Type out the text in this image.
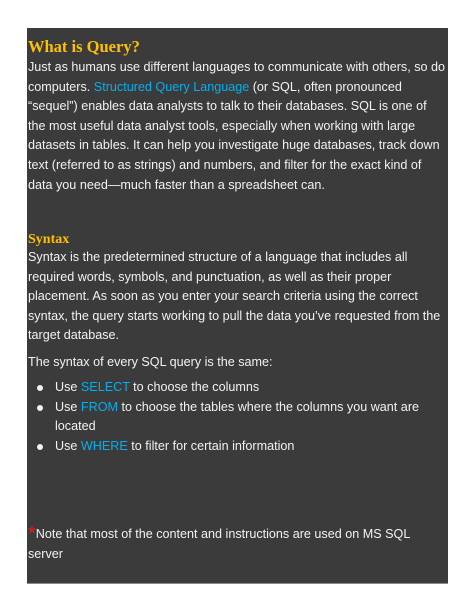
What is Query?

Just as humans use different languages to communicate with others, so do computers. Structured Query Language (or SQL, often pronounced “sequel”) enables data analysts to talk to their databases. SQL is one of the most useful data analyst tools, especially when working with large datasets in tables. It can help you investigate huge databases, track down text (referred to as strings) and numbers, and filter for the exact kind of data you need—much faster than a spreadsheet can.

Syntax

Syntax is the predetermined structure of a language that includes all required words, symbols, and punctuation, as well as their proper placement. As soon as you enter your search criteria using the correct syntax, the query starts working to pull the data you’ve requested from the target database.

The syntax of every SQL query is the same:

Use SELECT to choose the columns
Use FROM to choose the tables where the columns you want are located
Use WHERE to filter for certain information

*Note that most of the content and instructions are used on MS SQL server
